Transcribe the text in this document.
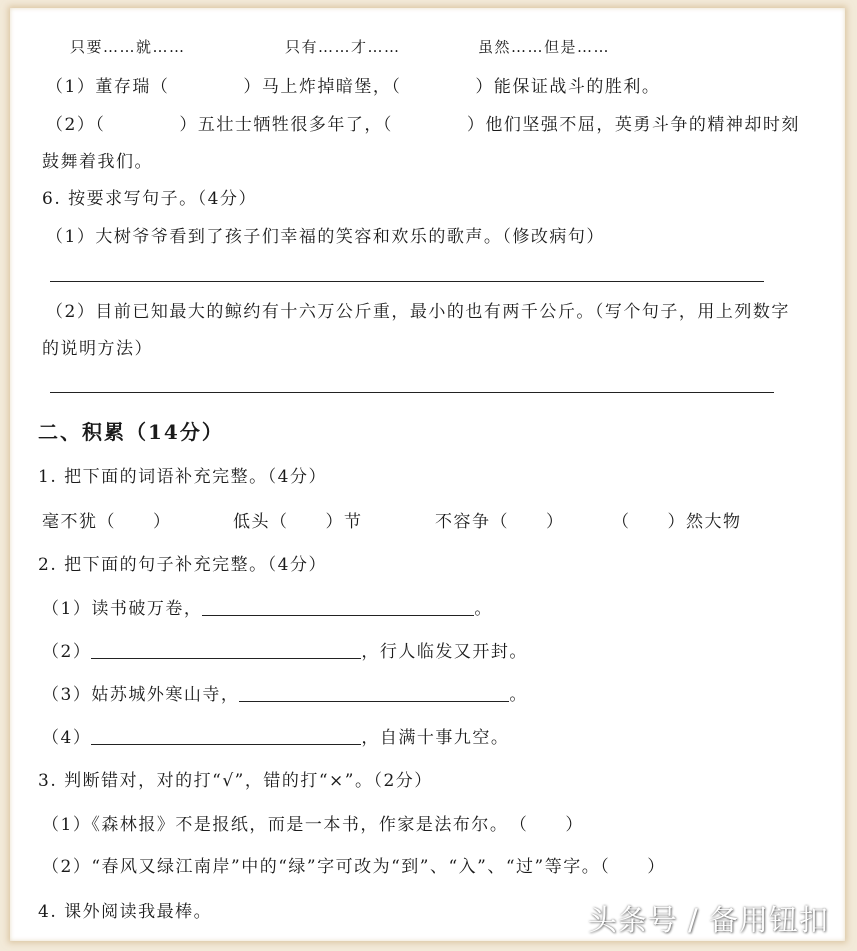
只要……就……	只有……才……	虽然……但是……
（1）董存瑞（　　　　）马上炸掉暗堡，（　　　　）能保证战斗的胜利。
（2）（　　　　）五壮士牺牲很多年了，（　　　　）他们坚强不屈，英勇斗争的精神却时刻
鼓舞着我们。
6. 按要求写句子。（4分）
（1）大树爷爷看到了孩子们幸福的笑容和欢乐的歌声。（修改病句）
（2）目前已知最大的鲸约有十六万公斤重，最小的也有两千公斤。（写个句子，用上列数字
的说明方法）
二、积累（14分）
1. 把下面的词语补充完整。（4分）
毫不犹（　　）	低头（　　）节	不容争（　　）	（　　）然大物
2. 把下面的句子补充完整。（4分）
（1）读书破万卷，	。
（2）	，行人临发又开封。
（3）姑苏城外寒山寺，	。
（4）	，自满十事九空。
3. 判断错对，对的打“√”，错的打“×”。（2分）
（1）《森林报》不是报纸，而是一本书，作家是法布尔。　（　　）
（2）“春风又绿江南岸”中的“绿”字可改为“到”、“入”、“过”等字。（　　）
4. 课外阅读我最棒。	头条号 / 备用钮扣
